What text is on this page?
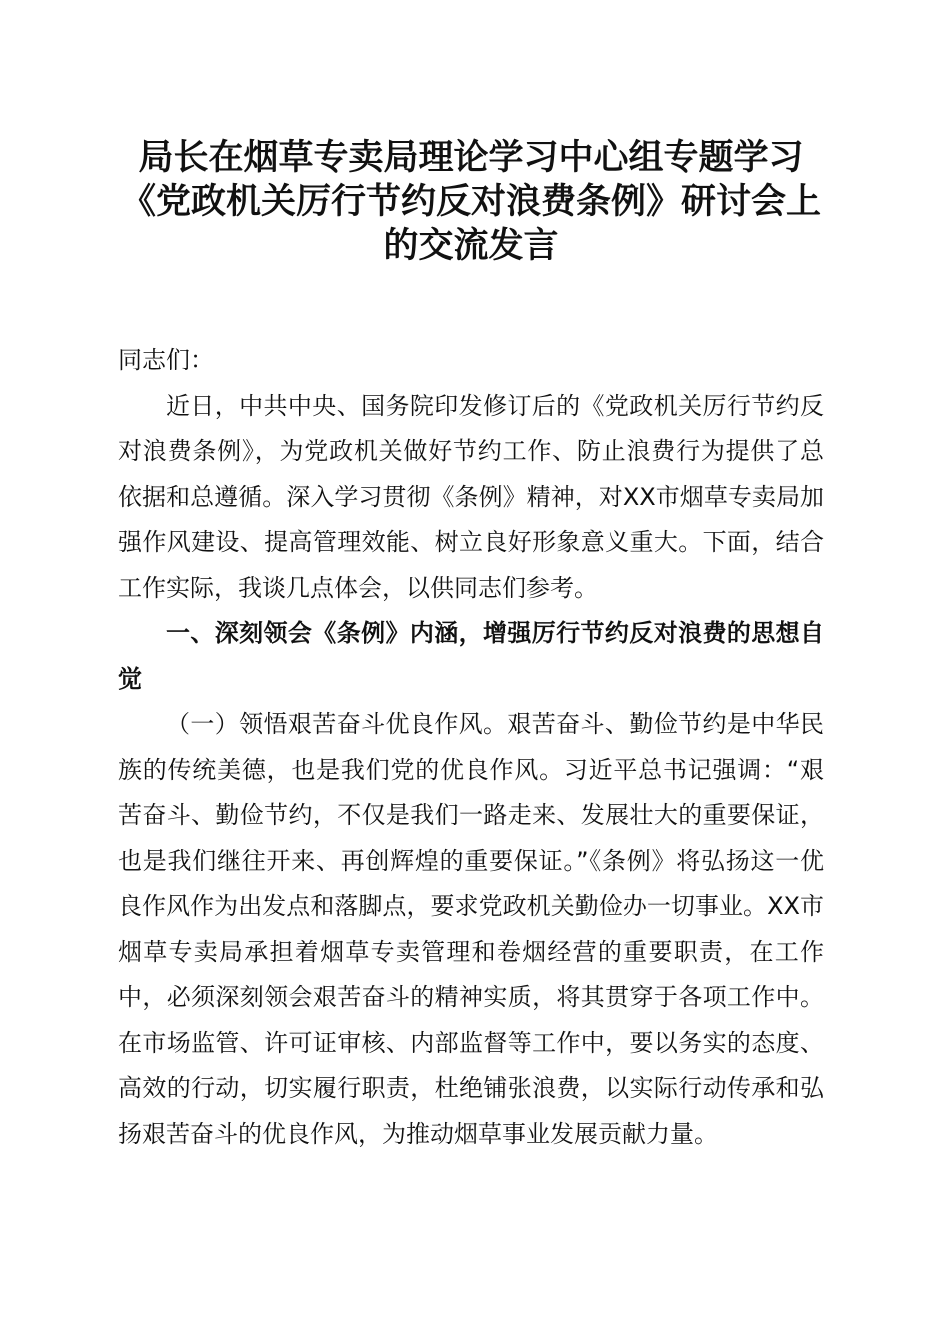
局长在烟草专卖局理论学习中心组专题学习
《党政机关厉行节约反对浪费条例》研讨会上
的交流发言

同志们：

近日，中共中央、国务院印发修订后的《党政机关厉行节约反对浪费条例》，为党政机关做好节约工作、防止浪费行为提供了总依据和总遵循。深入学习贯彻《条例》精神，对XX市烟草专卖局加强作风建设、提高管理效能、树立良好形象意义重大。下面，结合工作实际，我谈几点体会，以供同志们参考。

一、深刻领会《条例》内涵，增强厉行节约反对浪费的思想自觉

（一）领悟艰苦奋斗优良作风。艰苦奋斗、勤俭节约是中华民族的传统美德，也是我们党的优良作风。习近平总书记强调：“艰苦奋斗、勤俭节约，不仅是我们一路走来、发展壮大的重要保证，也是我们继往开来、再创辉煌的重要保证。”《条例》将弘扬这一优良作风作为出发点和落脚点，要求党政机关勤俭办一切事业。XX市烟草专卖局承担着烟草专卖管理和卷烟经营的重要职责，在工作中，必须深刻领会艰苦奋斗的精神实质，将其贯穿于各项工作中。在市场监管、许可证审核、内部监督等工作中，要以务实的态度、高效的行动，切实履行职责，杜绝铺张浪费，以实际行动传承和弘扬艰苦奋斗的优良作风，为推动烟草事业发展贡献力量。
